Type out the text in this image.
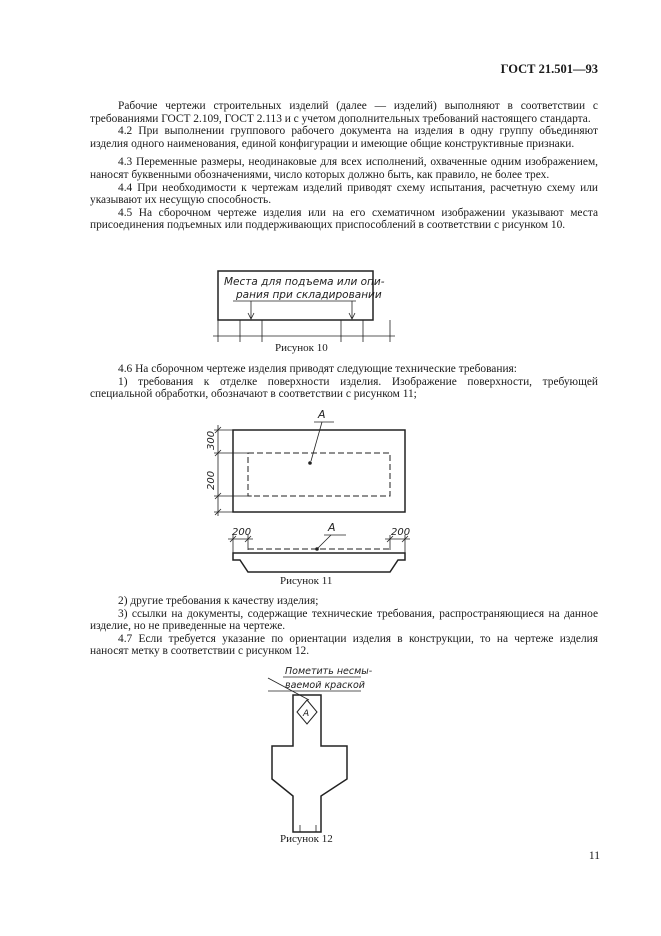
ГОСТ 21.501—93

Рабочие чертежи строительных изделий (далее — изделий) выполняют в соответствии с требованиями ГОСТ 2.109, ГОСТ 2.113 и с учетом дополнительных требований настоящего стандарта.

4.2 При выполнении группового рабочего документа на изделия в одну группу объединяют изделия одного наименования, единой конфигурации и имеющие общие конструктивные признаки.

4.3 Переменные размеры, неодинаковые для всех исполнений, охваченные одним изображением, наносят буквенными обозначениями, число которых должно быть, как правило, не более трех.

4.4 При необходимости к чертежам изделий приводят схему испытания, расчетную схему или указывают их несущую способность.

4.5 На сборочном чертеже изделия или на его схематичном изображении указывают места присоединения подъемных или поддерживающих приспособлений в соответствии с рисунком 10.

Рисунок 10

4.6 На сборочном чертеже изделия приводят следующие технические требования:

1) требования к отделке поверхности изделия. Изображение поверхности, требующей специальной обработки, обозначают в соответствии с рисунком 11;

Рисунок 11

2) другие требования к качеству изделия;

3) ссылки на документы, содержащие технические требования, распространяющиеся на данное изделие, но не приведенные на чертеже.

4.7 Если требуется указание по ориентации изделия в конструкции, то на чертеже изделия наносят метку в соответствии с рисунком 12.

Рисунок 12
11
Места для подъема или опи-
рания при складировании
300
200
A
200	200
A
Пометить несмы-
ваемой краской
A
